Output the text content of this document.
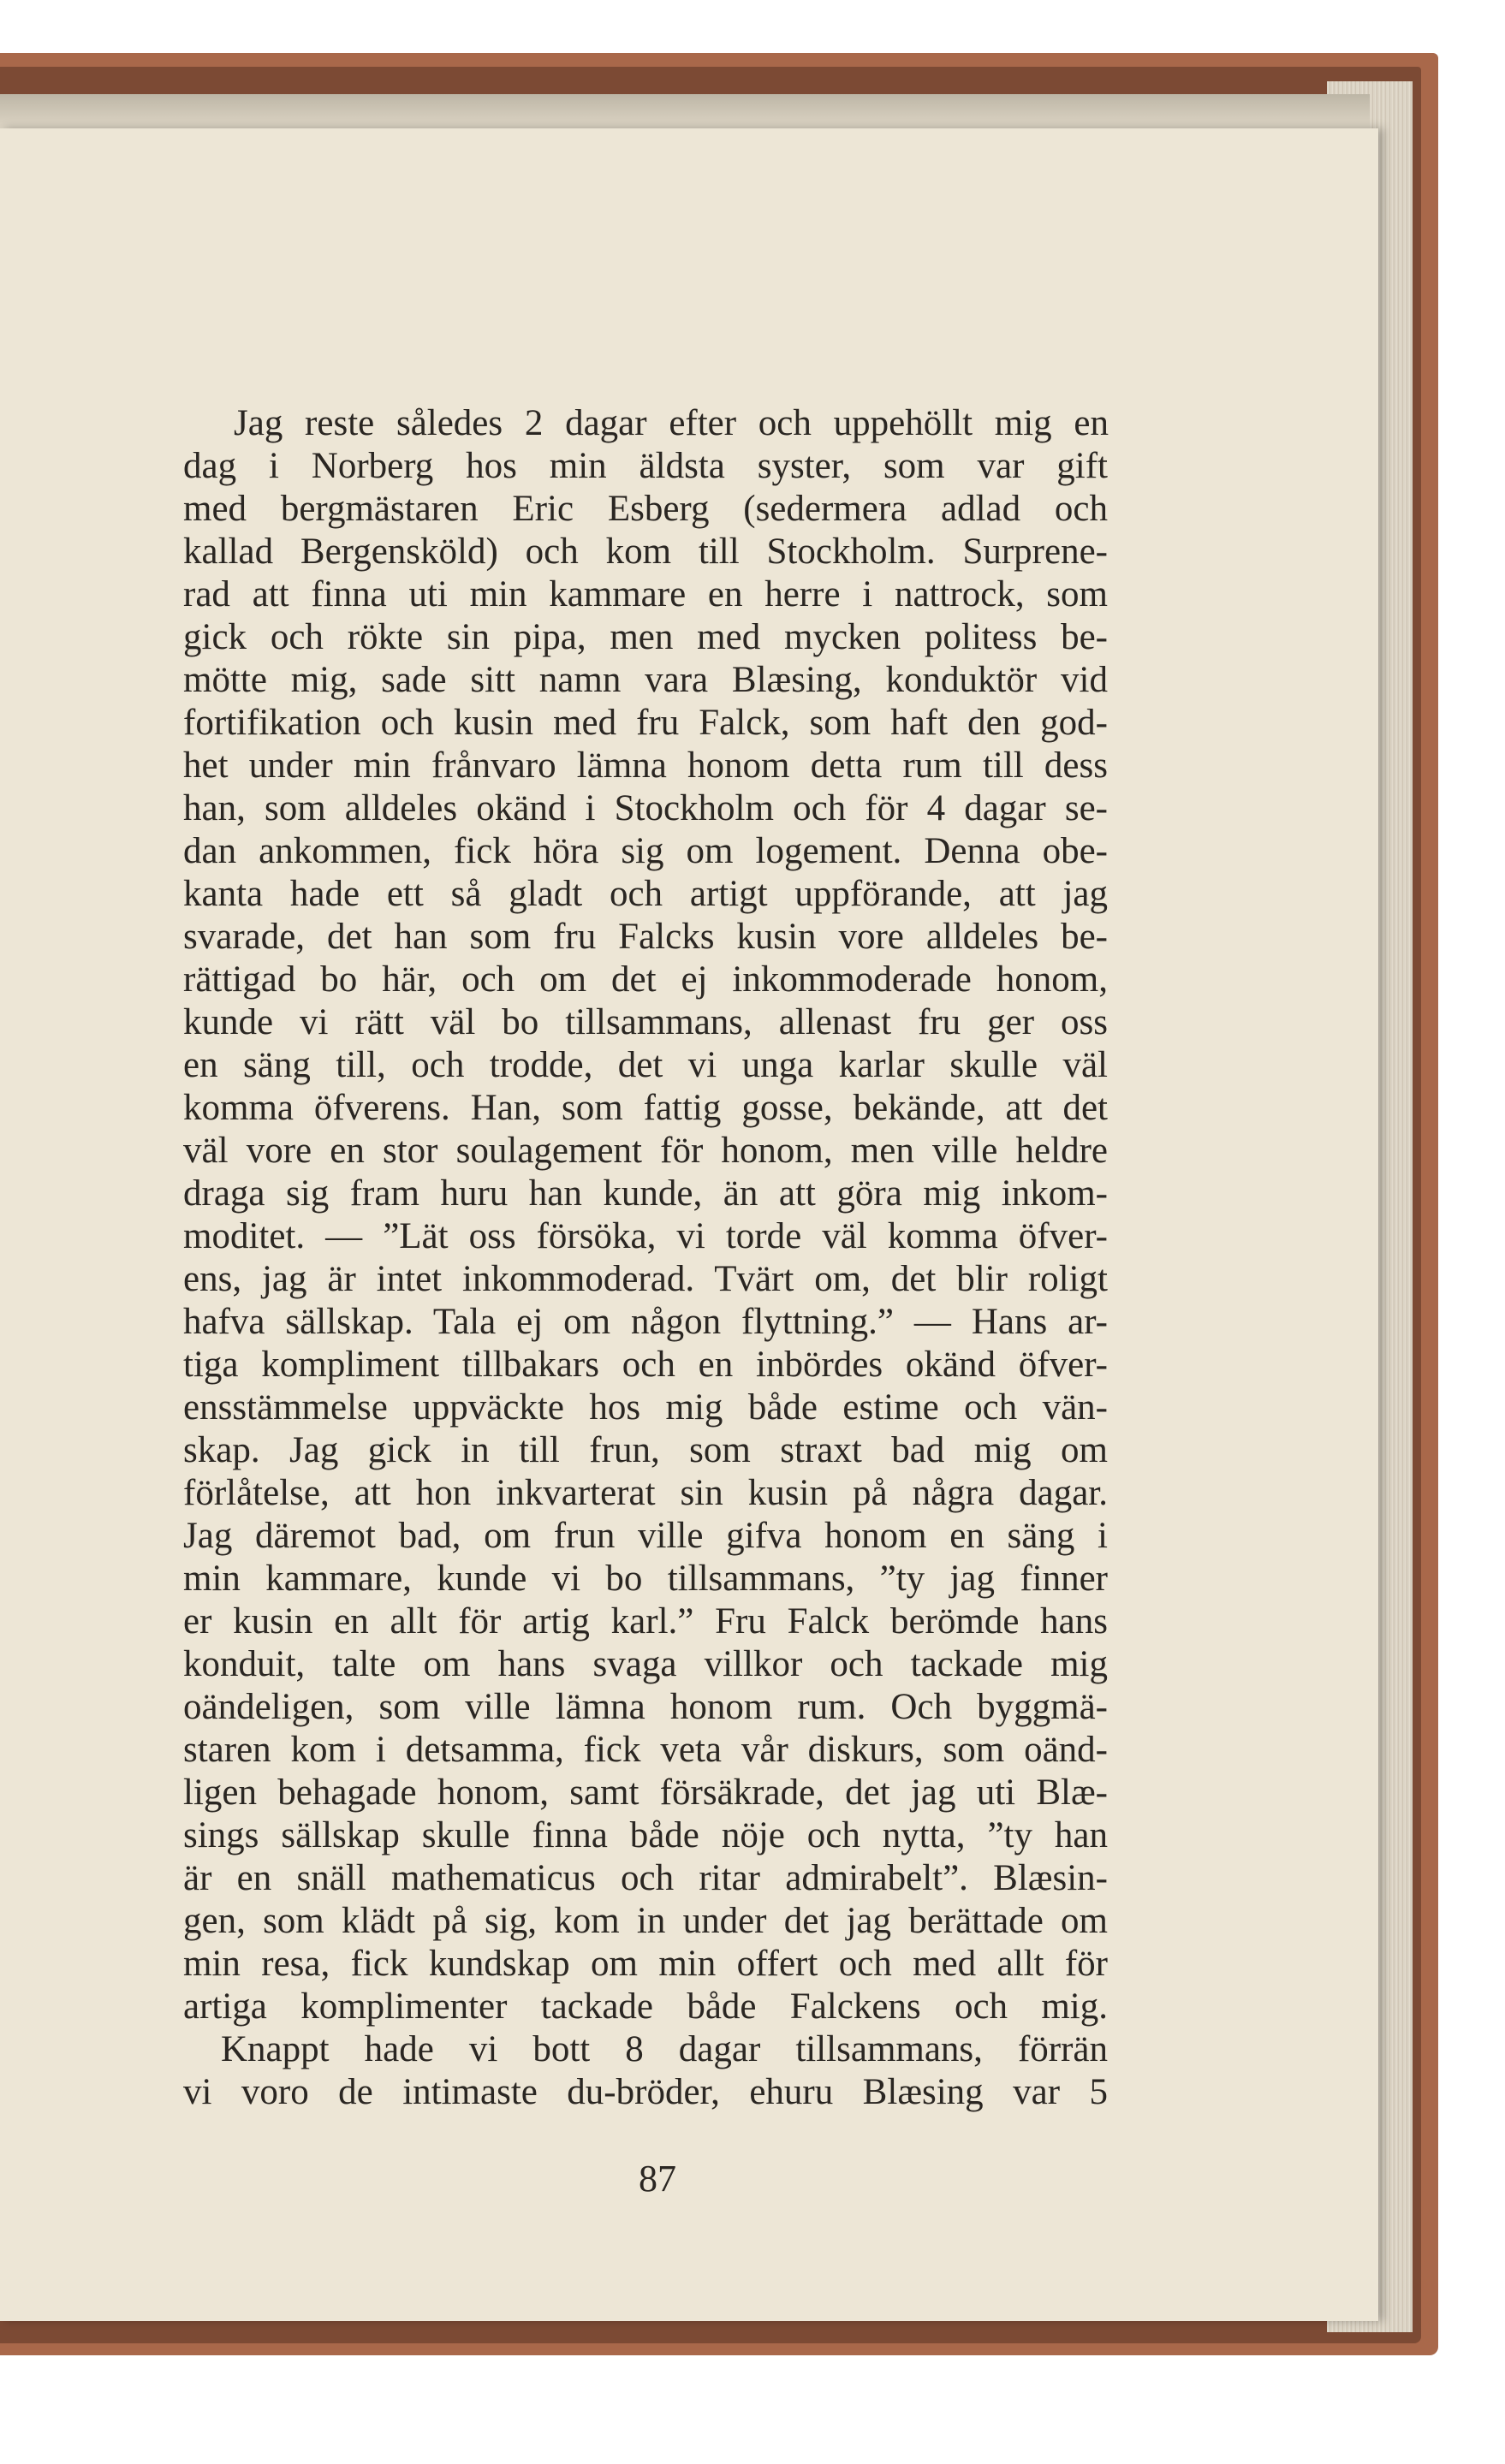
Jag reste således 2 dagar efter och uppehöllt mig en
dag i Norberg hos min äldsta syster, som var gift
med bergmästaren Eric Esberg (sedermera adlad och
kallad Bergensköld) och kom till Stockholm. Surprene-
rad att finna uti min kammare en herre i nattrock, som
gick och rökte sin pipa, men med mycken politess be-
mötte mig, sade sitt namn vara Blæsing, konduktör vid
fortifikation och kusin med fru Falck, som haft den god-
het under min frånvaro lämna honom detta rum till dess
han, som alldeles okänd i Stockholm och för 4 dagar se-
dan ankommen, fick höra sig om logement. Denna obe-
kanta hade ett så gladt och artigt uppförande, att jag
svarade, det han som fru Falcks kusin vore alldeles be-
rättigad bo här, och om det ej inkommoderade honom,
kunde vi rätt väl bo tillsammans, allenast fru ger oss
en säng till, och trodde, det vi unga karlar skulle väl
komma öfverens. Han, som fattig gosse, bekände, att det
väl vore en stor soulagement för honom, men ville heldre
draga sig fram huru han kunde, än att göra mig inkom-
moditet. — ”Lät oss försöka, vi torde väl komma öfver-
ens, jag är intet inkommoderad. Tvärt om, det blir roligt
hafva sällskap. Tala ej om någon flyttning.” — Hans ar-
tiga kompliment tillbakars och en inbördes okänd öfver-
ensstämmelse uppväckte hos mig både estime och vän-
skap. Jag gick in till frun, som straxt bad mig om
förlåtelse, att hon inkvarterat sin kusin på några dagar.
Jag däremot bad, om frun ville gifva honom en säng i
min kammare, kunde vi bo tillsammans, ”ty jag finner
er kusin en allt för artig karl.” Fru Falck berömde hans
konduit, talte om hans svaga villkor och tackade mig
oändeligen, som ville lämna honom rum. Och byggmä-
staren kom i detsamma, fick veta vår diskurs, som oänd-
ligen behagade honom, samt försäkrade, det jag uti Blæ-
sings sällskap skulle finna både nöje och nytta, ”ty han
är en snäll mathematicus och ritar admirabelt”. Blæsin-
gen, som klädt på sig, kom in under det jag berättade om
min resa, fick kundskap om min offert och med allt för
artiga komplimenter tackade både Falckens och mig.
Knappt hade vi bott 8 dagar tillsammans, förrän
vi voro de intimaste du-bröder, ehuru Blæsing var 5
87
